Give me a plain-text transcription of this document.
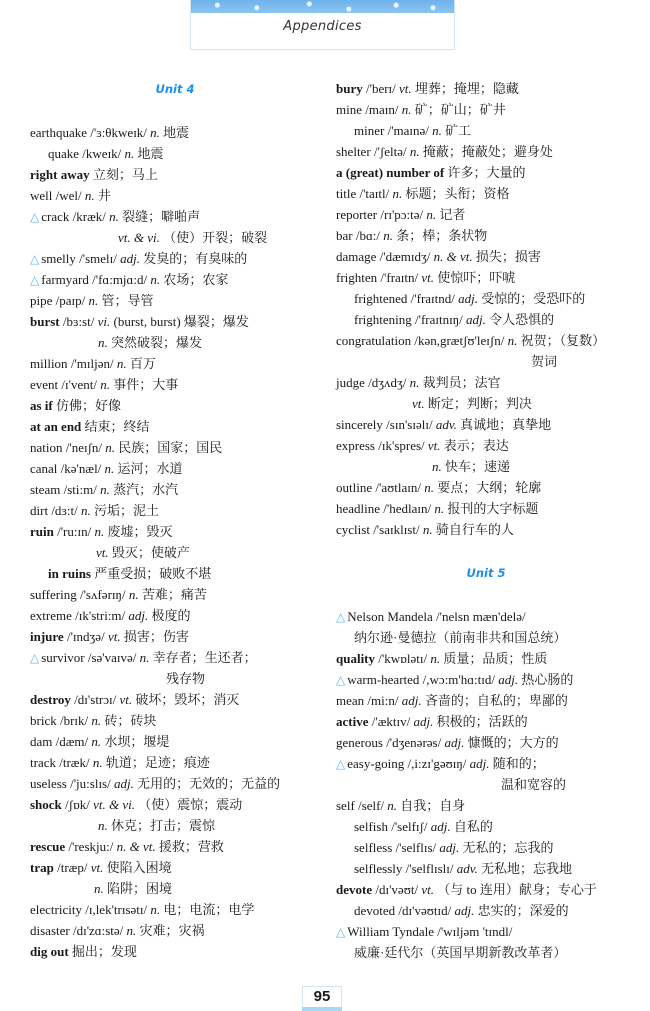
Appendices
Unit 4
earthquake /'ɜ:θkweɪk/ n. 地震
quake /kweɪk/ n. 地震
right away 立刻；马上
well /wel/ n. 井
△ crack /kræk/ n. 裂缝；噼啪声
vt. & vi. （使）开裂；破裂
△ smelly /'smelɪ/ adj. 发臭的；有臭味的
△ farmyard /'fɑ:mjɑ:d/ n. 农场；农家
pipe /paɪp/ n. 管；导管
burst /bɜ:st/ vi. (burst, burst) 爆裂；爆发
n. 突然破裂；爆发
million /'mɪljən/ n. 百万
event /ɪ'vent/ n. 事件；大事
as if 仿佛；好像
at an end 结束；终结
nation /'neɪʃn/ n. 民族；国家；国民
canal /kə'næl/ n. 运河；水道
steam /sti:m/ n. 蒸汽；水汽
dirt /dɜ:t/ n. 污垢；泥土
ruin /'ru:ɪn/ n. 废墟；毁灭
vt. 毁灭；使破产
in ruins 严重受损；破败不堪
suffering /'sʌfərɪŋ/ n. 苦难；痛苦
extreme /ɪk'stri:m/ adj. 极度的
injure /'ɪndʒə/ vt. 损害；伤害
△ survivor /sə'vaɪvə/ n. 幸存者；生还者；
残存物
destroy /dɪ'strɔɪ/ vt. 破坏；毁坏；消灭
brick /brɪk/ n. 砖；砖块
dam /dæm/ n. 水坝；堰堤
track /træk/ n. 轨道；足迹；痕迹
useless /'ju:slɪs/ adj. 无用的；无效的；无益的
shock /ʃɒk/ vt. & vi. （使）震惊；震动
n. 休克；打击；震惊
rescue /'reskju:/ n. & vt. 援救；营救
trap /træp/ vt. 使陷入困境
n. 陷阱；困境
electricity /ɪ,lek'trɪsətɪ/ n. 电；电流；电学
disaster /dɪ'zɑ:stə/ n. 灾难；灾祸
dig out 掘出；发现
bury /'berɪ/ vt. 埋葬；掩埋；隐藏
mine /maɪn/ n. 矿；矿山；矿井
miner /'maɪnə/ n. 矿工
shelter /'ʃeltə/ n. 掩蔽；掩蔽处；避身处
a (great) number of 许多；大量的
title /'taɪtl/ n. 标题；头衔；资格
reporter /rɪ'pɔ:tə/ n. 记者
bar /bɑ:/ n. 条；棒；条状物
damage /'dæmɪdʒ/ n. & vt. 损失；损害
frighten /'fraɪtn/ vt. 使惊吓；吓唬
frightened /'fraɪtnd/ adj. 受惊的；受恐吓的
frightening /'fraɪtnɪŋ/ adj. 令人恐惧的
congratulation /kən,grætʃʊ'leɪʃn/ n. 祝贺；（复数）
贺词
judge /dʒʌdʒ/ n. 裁判员；法官
vt. 断定；判断；判决
sincerely /sɪn'sɪəlɪ/ adv. 真诚地；真挚地
express /ɪk'spres/ vt. 表示；表达
n. 快车；速递
outline /'aʊtlaɪn/ n. 要点；大纲；轮廓
headline /'hedlaɪn/ n. 报刊的大字标题
cyclist /'saɪklɪst/ n. 骑自行车的人
Unit 5
△ Nelson Mandela /'nelsn mæn'delə/
纳尔逊·曼德拉（前南非共和国总统）
quality /'kwɒlətɪ/ n. 质量；品质；性质
△ warm-hearted /,wɔ:m'hɑ:tɪd/ adj. 热心肠的
mean /mi:n/ adj. 吝啬的；自私的；卑鄙的
active /'æktɪv/ adj. 积极的；活跃的
generous /'dʒenərəs/ adj. 慷慨的；大方的
△ easy-going /,i:zɪ'gəʊɪŋ/ adj. 随和的；
温和宽容的
self /self/ n. 自我；自身
selfish /'selfɪʃ/ adj. 自私的
selfless /'selflɪs/ adj. 无私的；忘我的
selflessly /'selflɪslɪ/ adv. 无私地；忘我地
devote /dɪ'vəʊt/ vt. （与 to 连用）献身；专心于
devoted /dɪ'vəʊtɪd/ adj. 忠实的；深爱的
△ William Tyndale /'wɪljəm 'tɪndl/
威廉·廷代尔（英国早期新教改革者）
95
